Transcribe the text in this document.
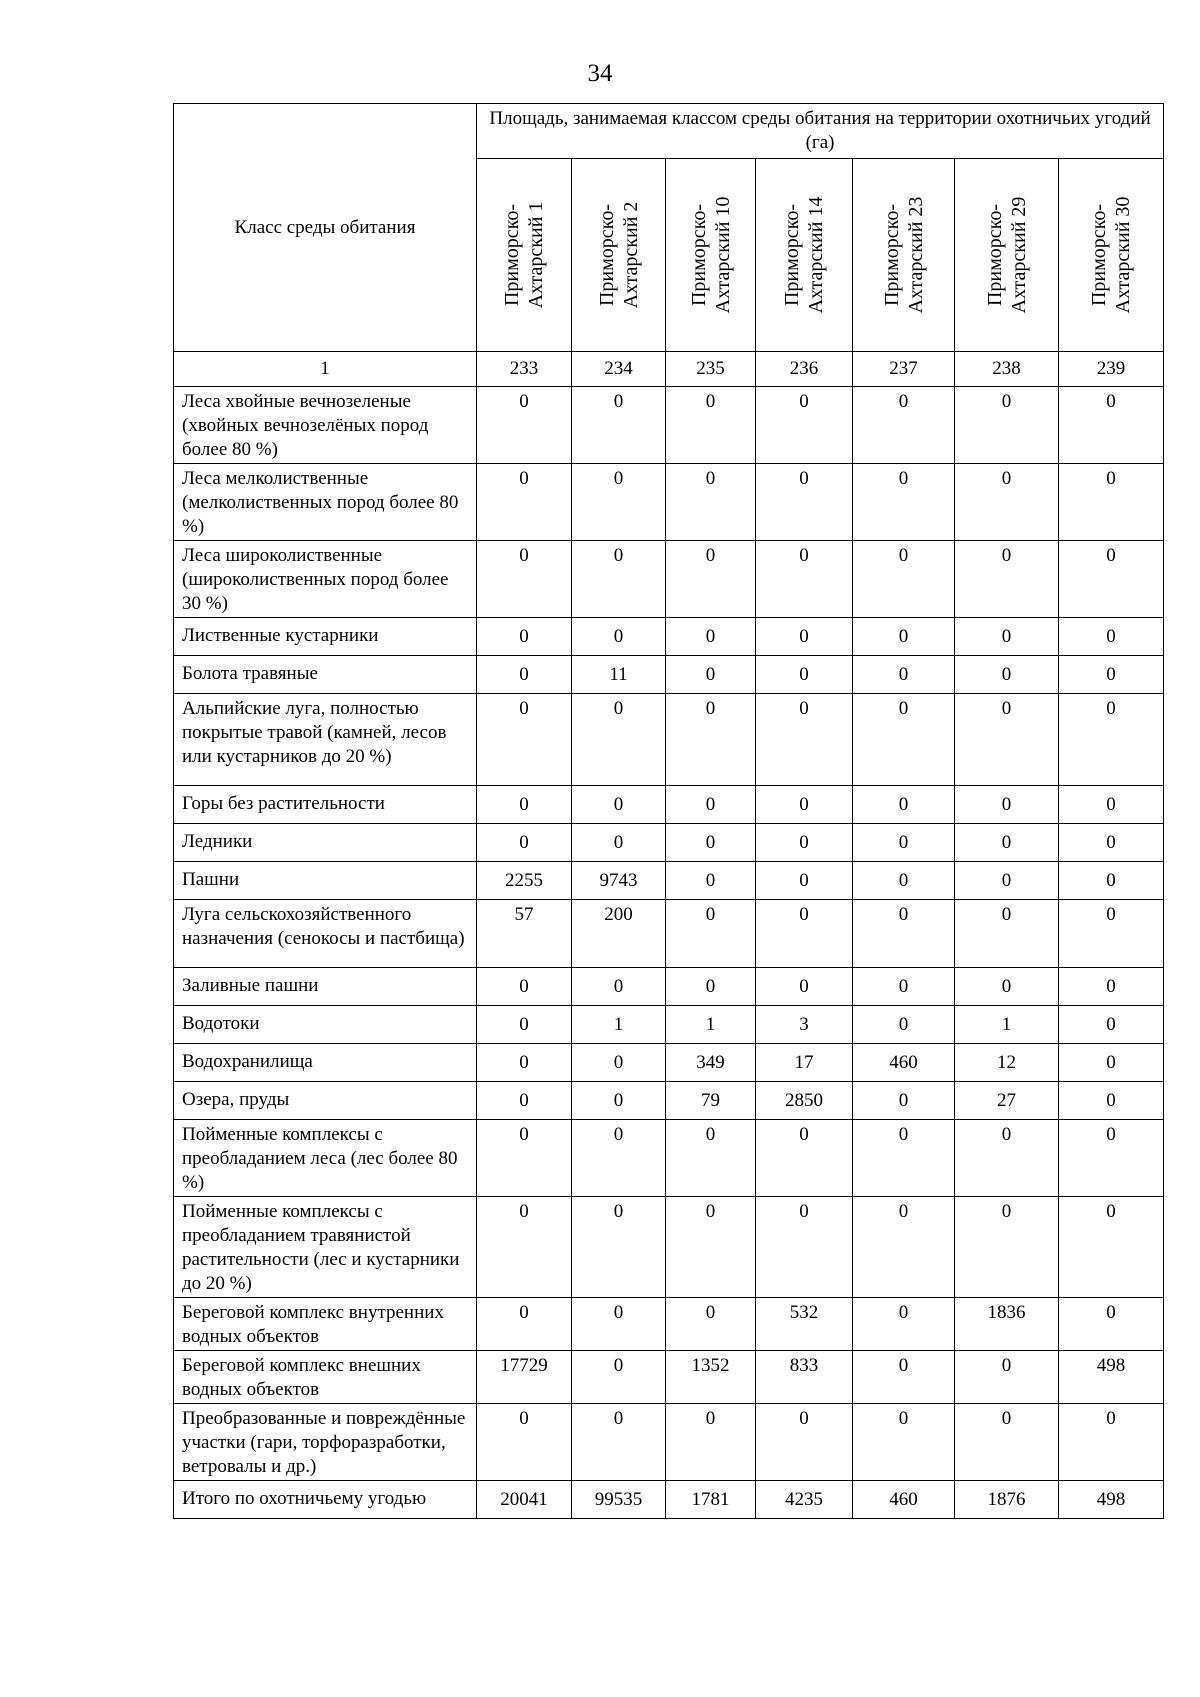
34
Класс среды обитания	Площадь, занимаемая классом среды обитания на территории охотничьих угодий (га)						

	Приморско-Ахтарский 1	Приморско-Ахтарский 2	Приморско-Ахтарский 10	Приморско-Ахтарский 14	Приморско-Ахтарский 23	Приморско-Ахтарский 29	Приморско-Ахтарский 30

1	233	234	235	236	237	238	239
Леса хвойные вечнозеленые (хвойных вечнозелёных пород более 80 %)	0	0	0	0	0	0	0
Леса мелколиственные (мелколиственных пород более 80 %)	0	0	0	0	0	0	0
Леса широколиственные (широколиственных пород более 30 %)	0	0	0	0	0	0	0
Лиственные кустарники	0	0	0	0	0	0	0
Болота травяные	0	11	0	0	0	0	0
Альпийские луга, полностью покрытые травой (камней, лесов или кустарников до 20 %)	0	0	0	0	0	0	0
Горы без растительности	0	0	0	0	0	0	0
Ледники	0	0	0	0	0	0	0
Пашни	2255	9743	0	0	0	0	0
Луга сельскохозяйственного назначения (сенокосы и пастбища)	57	200	0	0	0	0	0
Заливные пашни	0	0	0	0	0	0	0
Водотоки	0	1	1	3	0	1	0
Водохранилища	0	0	349	17	460	12	0
Озера, пруды	0	0	79	2850	0	27	0
Пойменные комплексы с преобладанием леса (лес более 80 %)	0	0	0	0	0	0	0
Пойменные комплексы с преобладанием травянистой растительности (лес и кустарники до 20 %)	0	0	0	0	0	0	0
Береговой комплекс внутренних водных объектов	0	0	0	532	0	1836	0
Береговой комплекс внешних водных объектов	17729	0	1352	833	0	0	498
Преобразованные и повреждённые участки (гари, торфоразработки, ветровалы и др.)	0	0	0	0	0	0	0
Итого по охотничьему угодью	20041	99535	1781	4235	460	1876	498
